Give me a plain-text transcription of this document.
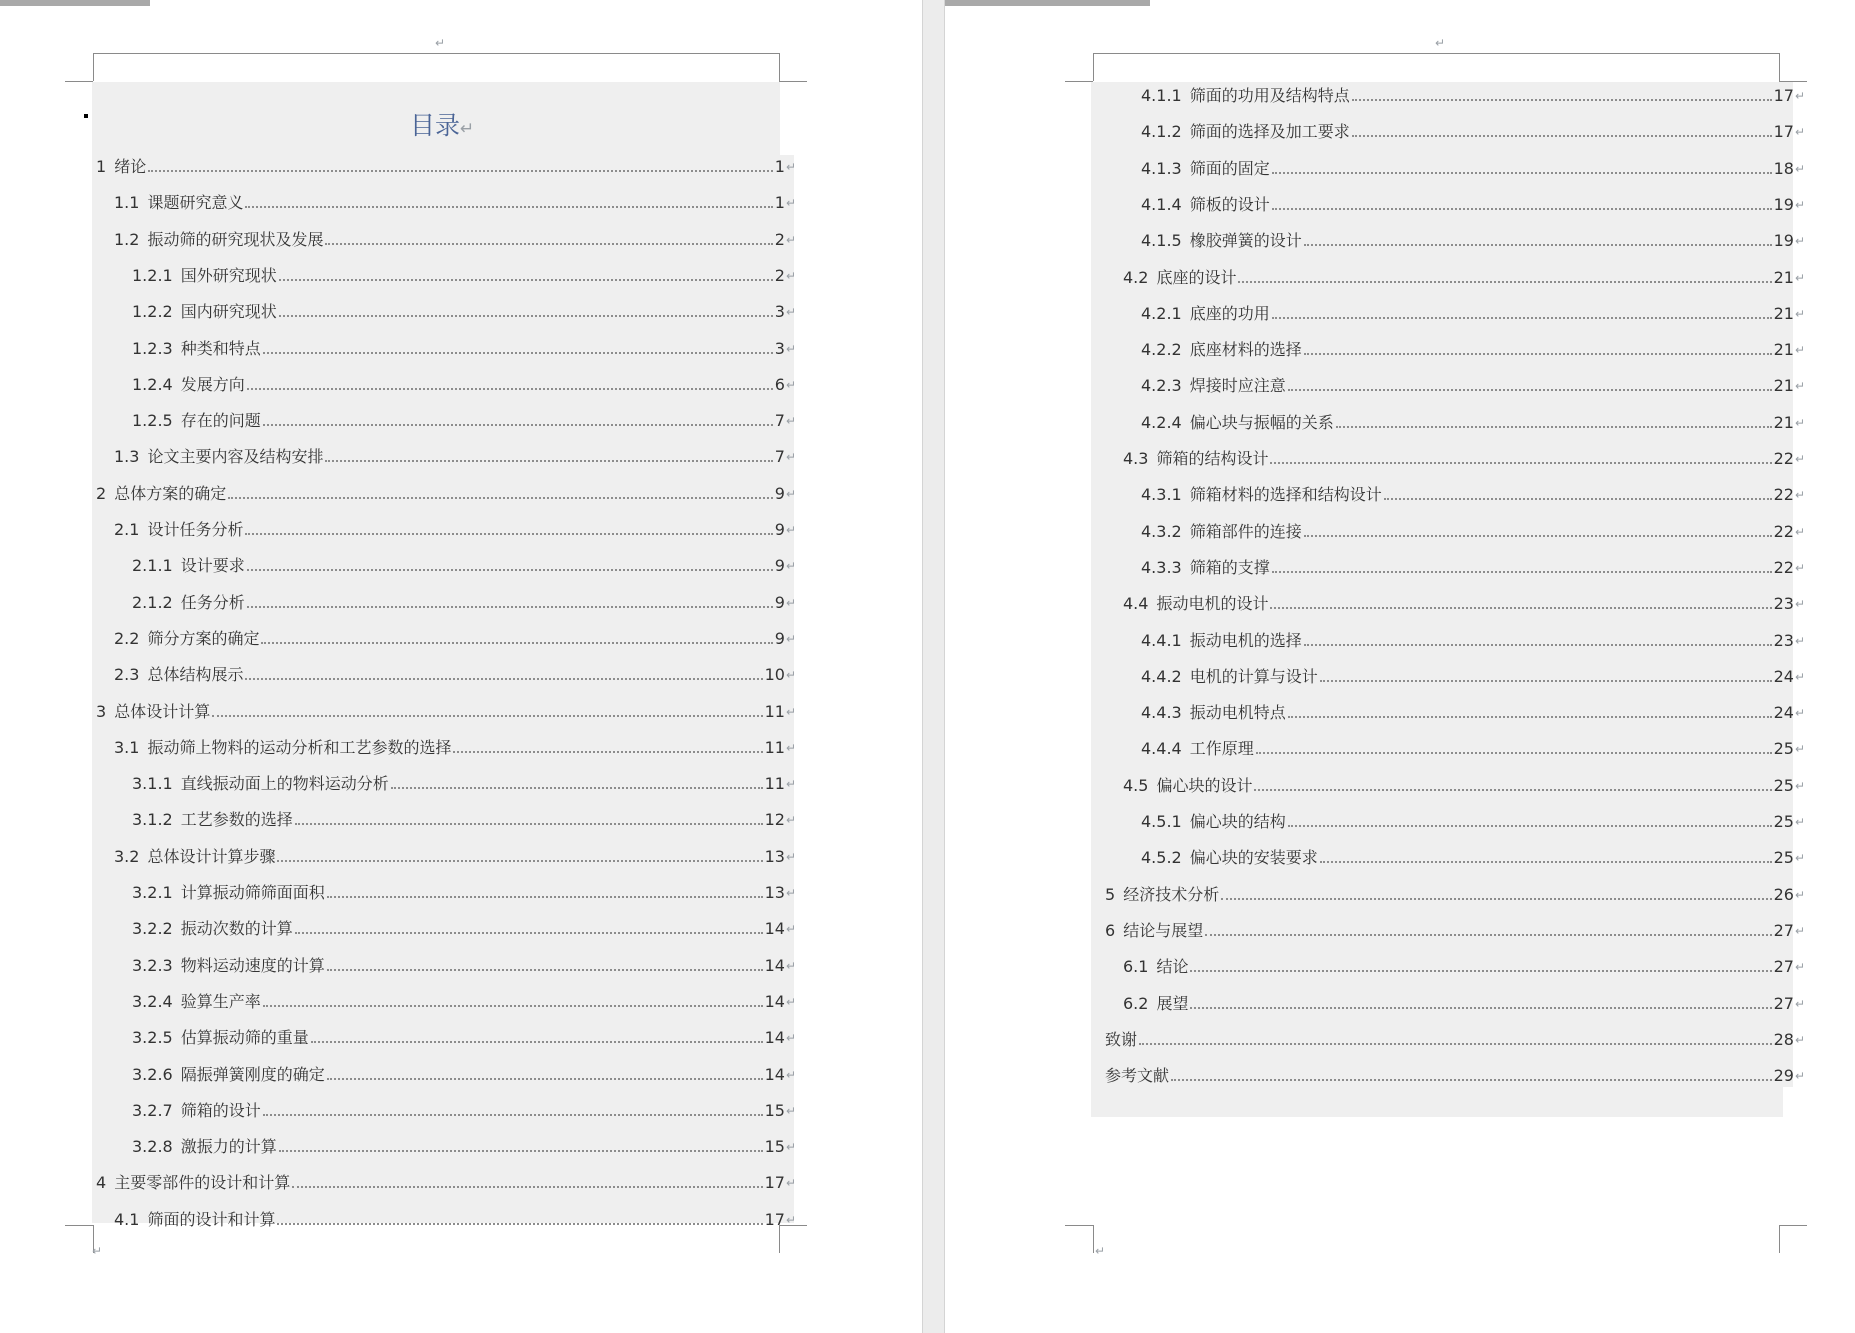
↵
↵
目录↵
1 绪论	1 ↵
1.1 课题研究意义	1 ↵
1.2 振动筛的研究现状及发展	2 ↵
1.2.1 国外研究现状	2 ↵
1.2.2 国内研究现状	3 ↵
1.2.3 种类和特点	3 ↵
1.2.4 发展方向	6 ↵
1.2.5 存在的问题	7 ↵
1.3 论文主要内容及结构安排	7 ↵
2 总体方案的确定	9 ↵
2.1 设计任务分析	9 ↵
2.1.1 设计要求	9 ↵
2.1.2 任务分析	9 ↵
2.2 筛分方案的确定	9 ↵
2.3 总体结构展示	10 ↵
3 总体设计计算	11 ↵
3.1 振动筛上物料的运动分析和工艺参数的选择	11 ↵
3.1.1 直线振动面上的物料运动分析	11 ↵
3.1.2 工艺参数的选择	12 ↵
3.2 总体设计计算步骤	13 ↵
3.2.1 计算振动筛筛面面积	13 ↵
3.2.2 振动次数的计算	14 ↵
3.2.3 物料运动速度的计算	14 ↵
3.2.4 验算生产率	14 ↵
3.2.5 估算振动筛的重量	14 ↵
3.2.6 隔振弹簧刚度的确定	14 ↵
3.2.7 筛箱的设计	15 ↵
3.2.8 激振力的计算	15 ↵
4 主要零部件的设计和计算	17 ↵
4.1 筛面的设计和计算	17 ↵
↵
↵
4.1.1 筛面的功用及结构特点	17 ↵
4.1.2 筛面的选择及加工要求	17 ↵
4.1.3 筛面的固定	18 ↵
4.1.4 筛板的设计	19 ↵
4.1.5 橡胶弹簧的设计	19 ↵
4.2 底座的设计	21 ↵
4.2.1 底座的功用	21 ↵
4.2.2 底座材料的选择	21 ↵
4.2.3 焊接时应注意	21 ↵
4.2.4 偏心块与振幅的关系	21 ↵
4.3 筛箱的结构设计	22 ↵
4.3.1 筛箱材料的选择和结构设计	22 ↵
4.3.2 筛箱部件的连接	22 ↵
4.3.3 筛箱的支撑	22 ↵
4.4 振动电机的设计	23 ↵
4.4.1 振动电机的选择	23 ↵
4.4.2 电机的计算与设计	24 ↵
4.4.3 振动电机特点	24 ↵
4.4.4 工作原理	25 ↵
4.5 偏心块的设计	25 ↵
4.5.1 偏心块的结构	25 ↵
4.5.2 偏心块的安装要求	25 ↵
5 经济技术分析	26 ↵
6 结论与展望	27 ↵
6.1 结论	27 ↵
6.2 展望	27 ↵
致谢	28 ↵
参考文献	29 ↵
